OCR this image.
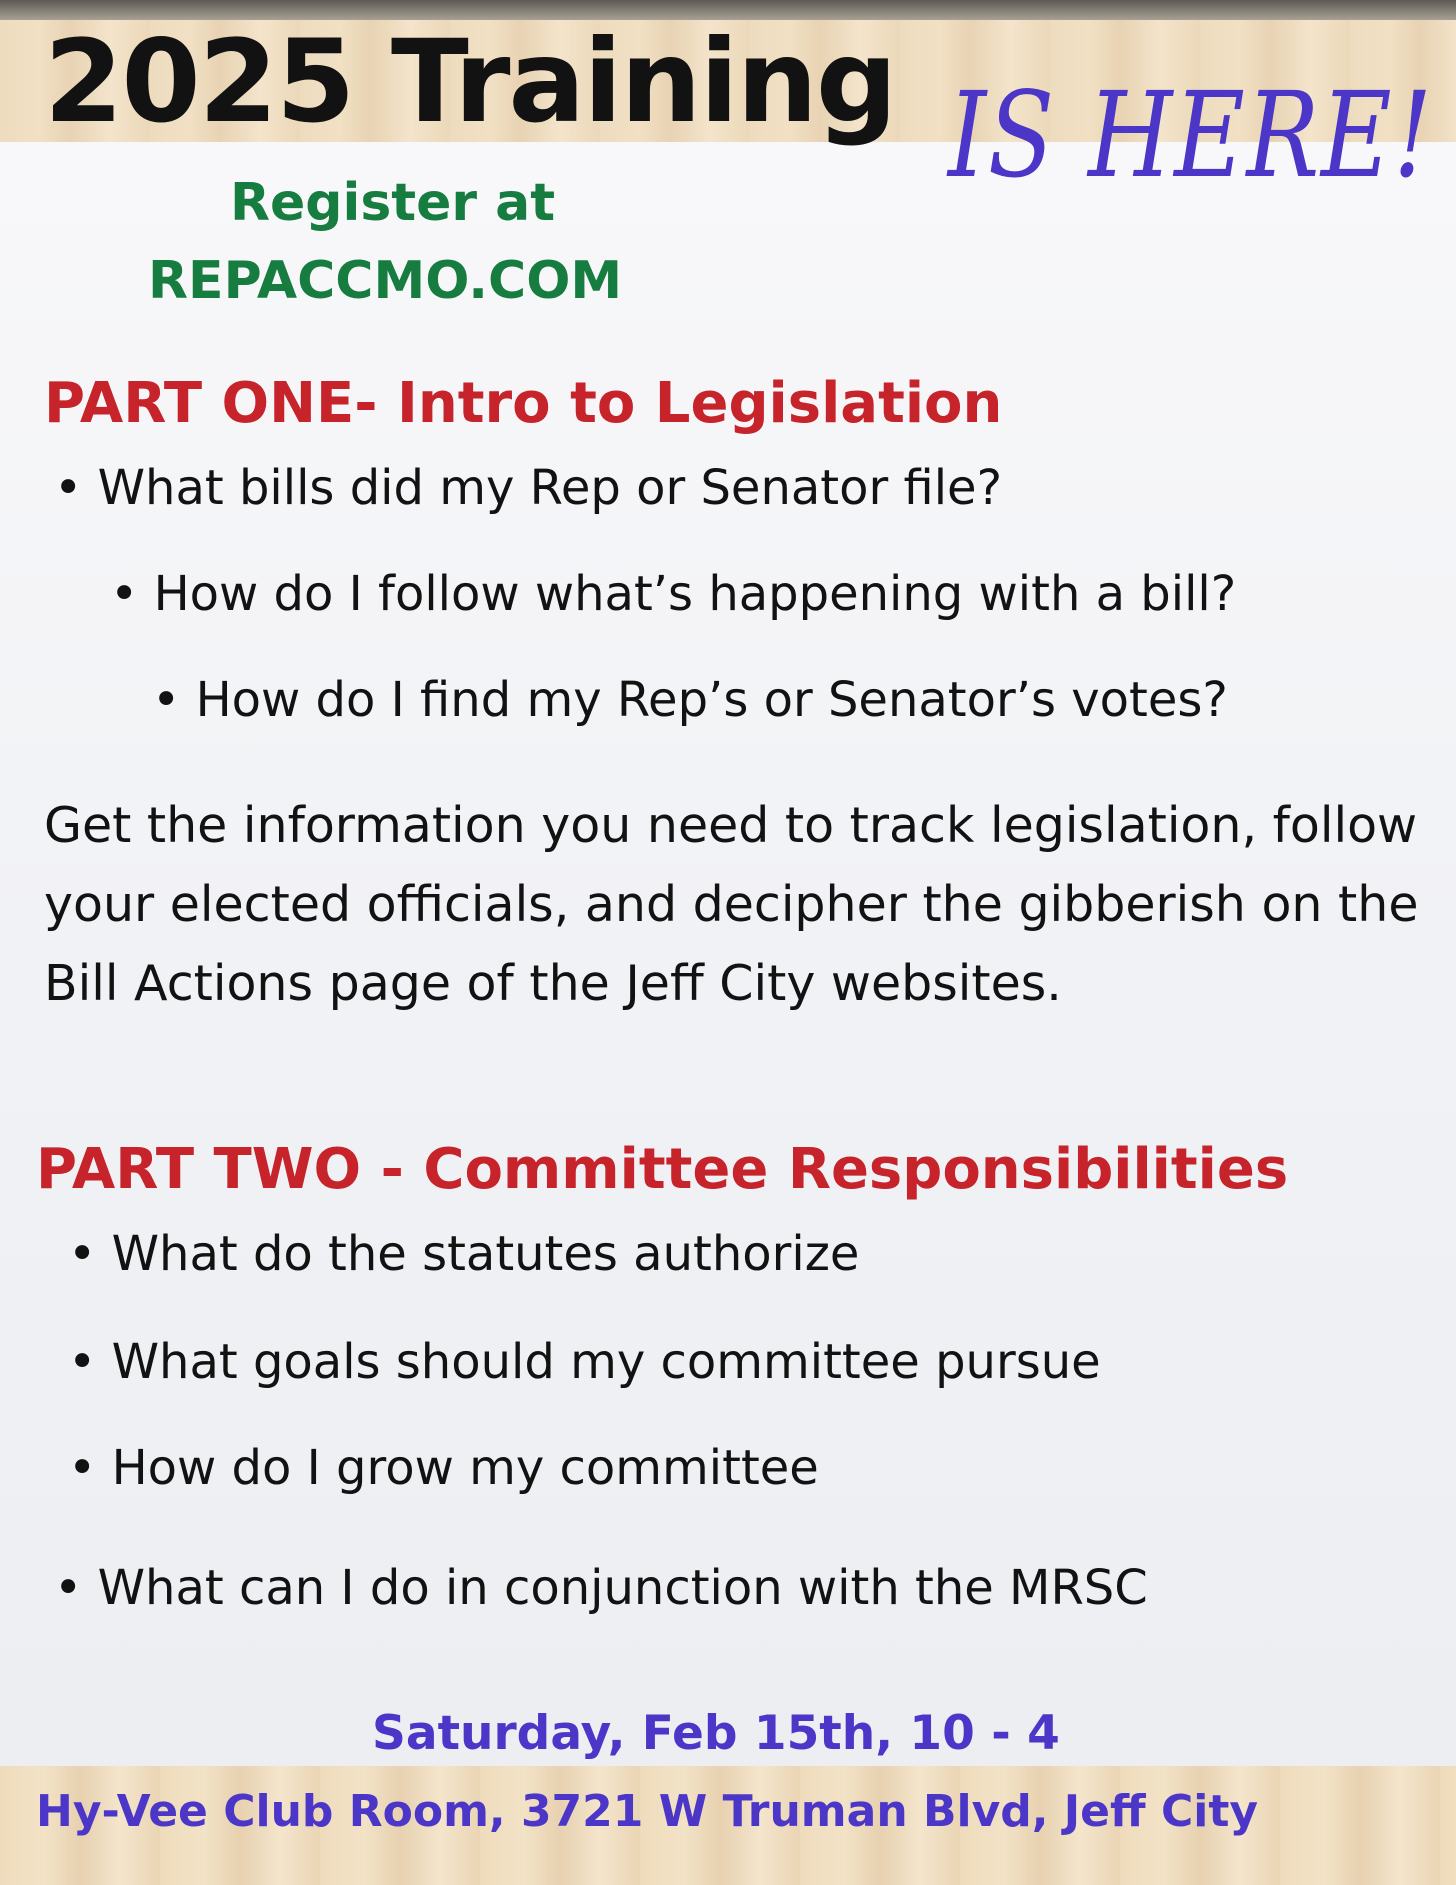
2025 Training IS HERE!
Register at
REPACCMO.COM
PART ONE- Intro to Legislation
• What bills did my Rep or Senator file?
• How do I follow what’s happening with a bill?
• How do I find my Rep’s or Senator’s votes?

Get the information you need to track legislation, follow your elected officials, and decipher the gibberish on the Bill Actions page of the Jeff City websites.

PART TWO - Committee Responsibilities
• What do the statutes authorize
• What goals should my committee pursue
• How do I grow my committee
• What can I do in conjunction with the MRSC
Saturday, Feb 15th, 10 - 4
Hy-Vee Club Room, 3721 W Truman Blvd, Jeff City
